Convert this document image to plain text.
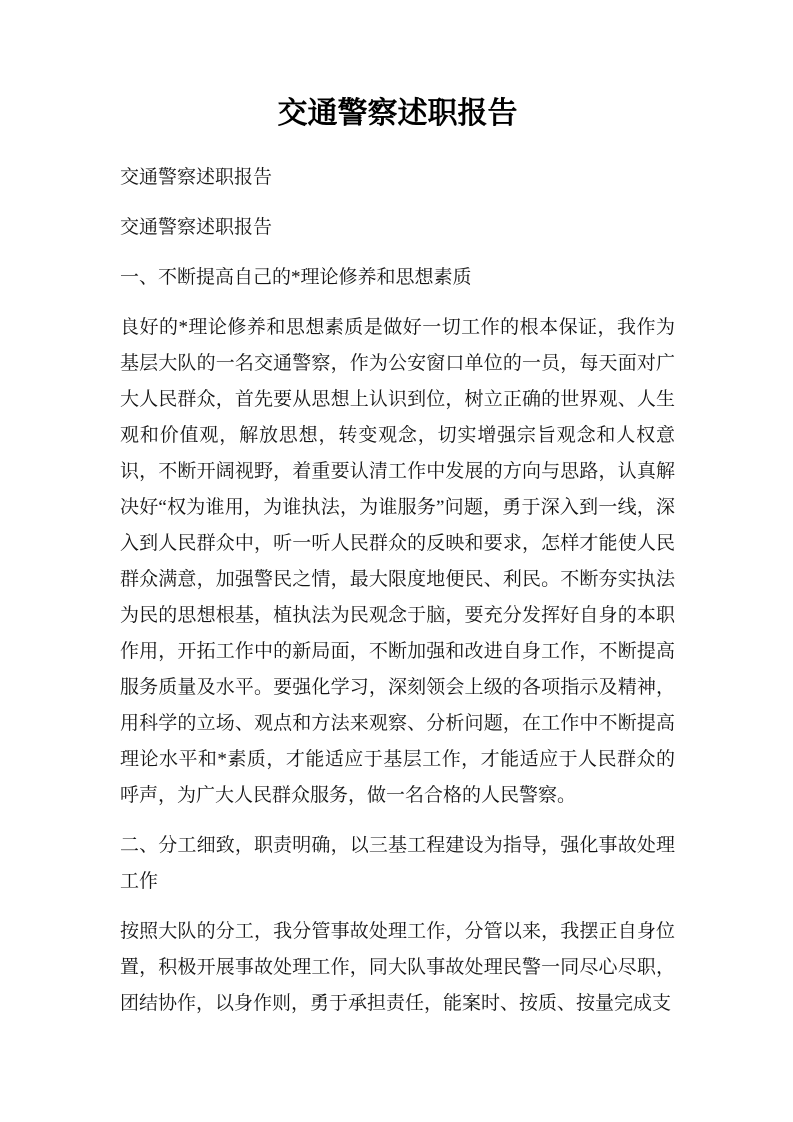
交通警察述职报告

交通警察述职报告

交通警察述职报告

一、不断提高自己的*理论修养和思想素质

良好的*理论修养和思想素质是做好一切工作的根本保证，我作为基层大队的一名交通警察，作为公安窗口单位的一员，每天面对广大人民群众，首先要从思想上认识到位，树立正确的世界观、人生观和价值观，解放思想，转变观念，切实增强宗旨观念和人权意识，不断开阔视野，着重要认清工作中发展的方向与思路，认真解决好“权为谁用，为谁执法，为谁服务”问题，勇于深入到一线，深入到人民群众中，听一听人民群众的反映和要求，怎样才能使人民群众满意，加强警民之情，最大限度地便民、利民。不断夯实执法为民的思想根基，植执法为民观念于脑，要充分发挥好自身的本职作用，开拓工作中的新局面，不断加强和改进自身工作，不断提高服务质量及水平。要强化学习，深刻领会上级的各项指示及精神，用科学的立场、观点和方法来观察、分析问题，在工作中不断提高理论水平和*素质，才能适应于基层工作，才能适应于人民群众的呼声，为广大人民群众服务，做一名合格的人民警察。

二、分工细致，职责明确，以三基工程建设为指导，强化事故处理工作

按照大队的分工，我分管事故处理工作，分管以来，我摆正自身位置，积极开展事故处理工作，同大队事故处理民警一同尽心尽职，团结协作，以身作则，勇于承担责任，能案时、按质、按量完成支
